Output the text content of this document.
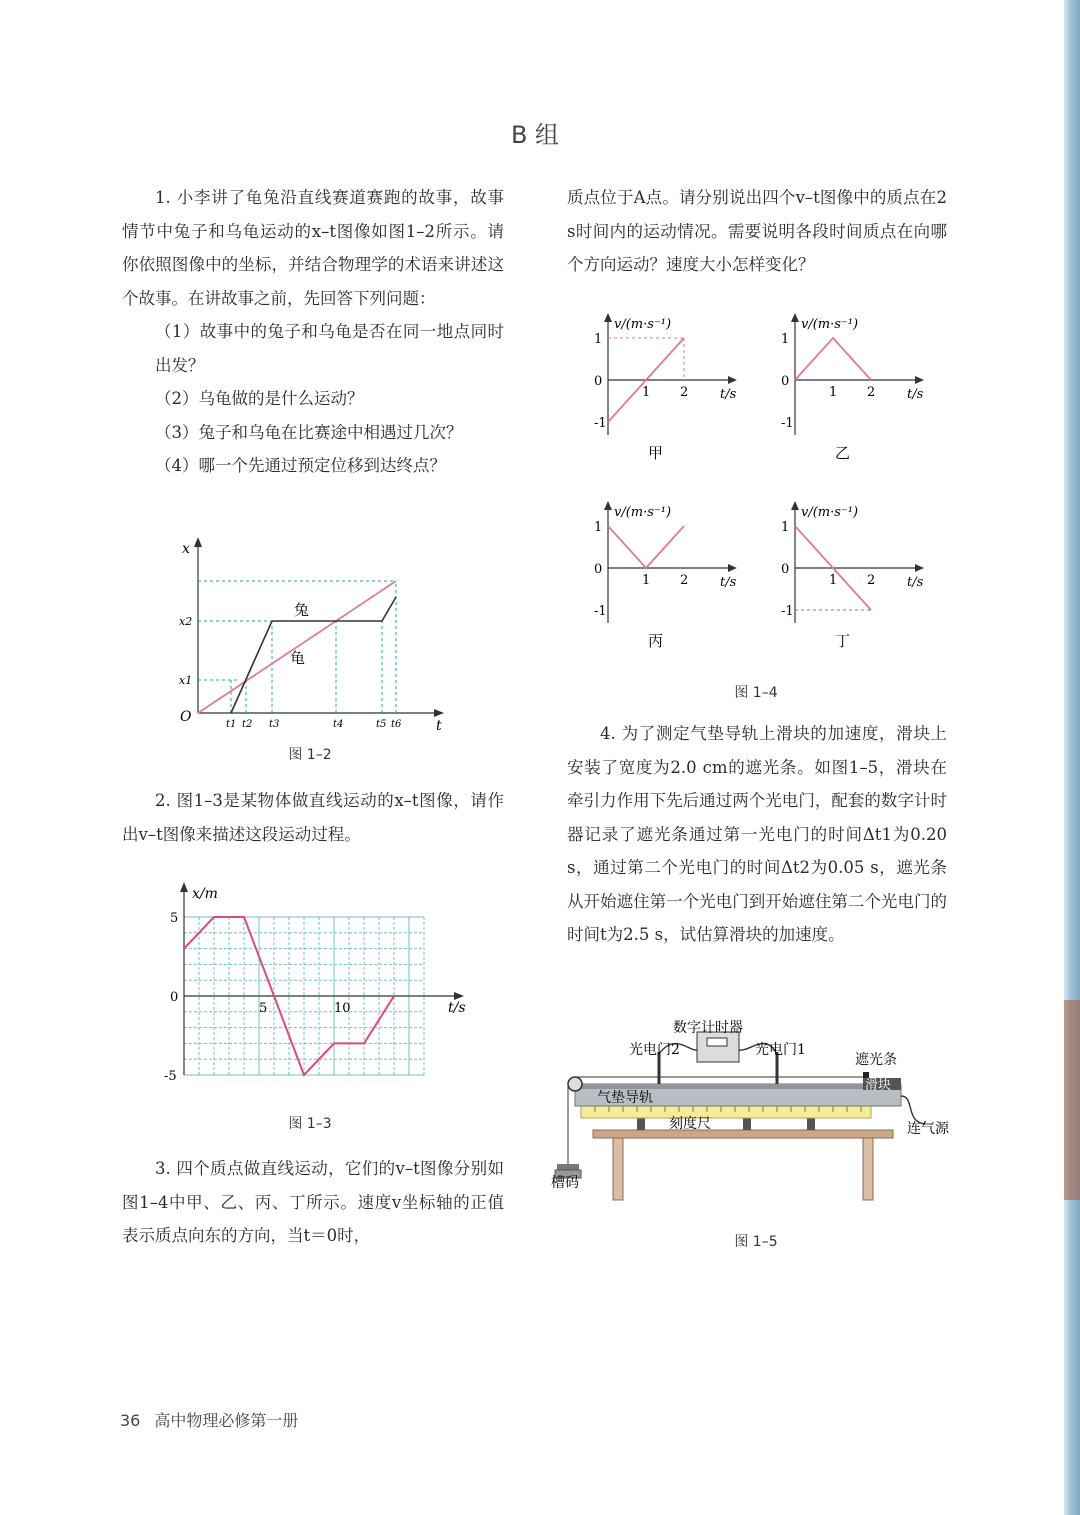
B 组

1. 小李讲了龟兔沿直线赛道赛跑的故事，故事情节中兔子和乌龟运动的x–t图像如图1–2所示。请你依照图像中的坐标，并结合物理学的术语来讲述这个故事。在讲故事之前，先回答下列问题：

（1）故事中的兔子和乌龟是否在同一地点同时出发？

（2）乌龟做的是什么运动？

（3）兔子和乌龟在比赛途中相遇过几次？

（4）哪一个先通过预定位移到达终点？

x
t
O
x2
x1
t1 t2 t3	t4	t5 t6
兔
龟
图 1–2

2. 图1–3是某物体做直线运动的x–t图像，请作出v–t图像来描述这段运动过程。

x/m
t/s
5
0
-5
5	10
图 1–3

3. 四个质点做直线运动，它们的v–t图像分别如图1–4中甲、乙、丙、丁所示。速度v坐标轴的正值表示质点向东的方向，当t＝0时，

质点位于A点。请分别说出四个v–t图像中的质点在2 s时间内的运动情况。需要说明各段时间质点在向哪个方向运动？速度大小怎样变化？

1
0
-1
1 2
v/(m·s⁻¹)
t/s
甲
1
0
-1
1 2
v/(m·s⁻¹)
t/s
乙
1
0
-1
1 2
v/(m·s⁻¹)
t/s
丙
1
0
-1
1 2
v/(m·s⁻¹)
t/s
丁
图 1–4

4. 为了测定气垫导轨上滑块的加速度，滑块上安装了宽度为2.0 cm的遮光条。如图1–5，滑块在牵引力作用下先后通过两个光电门，配套的数字计时器记录了遮光条通过第一光电门的时间Δt1为0.20 s，通过第二个光电门的时间Δt2为0.05 s，遮光条从开始遮住第一个光电门到开始遮住第二个光电门的时间t为2.5 s，试估算滑块的加速度。

数字计时器
光电门2	光电门1
遮光条
滑块
气垫导轨
刻度尺	连气源
槽码
图 1–5
36 高中物理必修第一册
